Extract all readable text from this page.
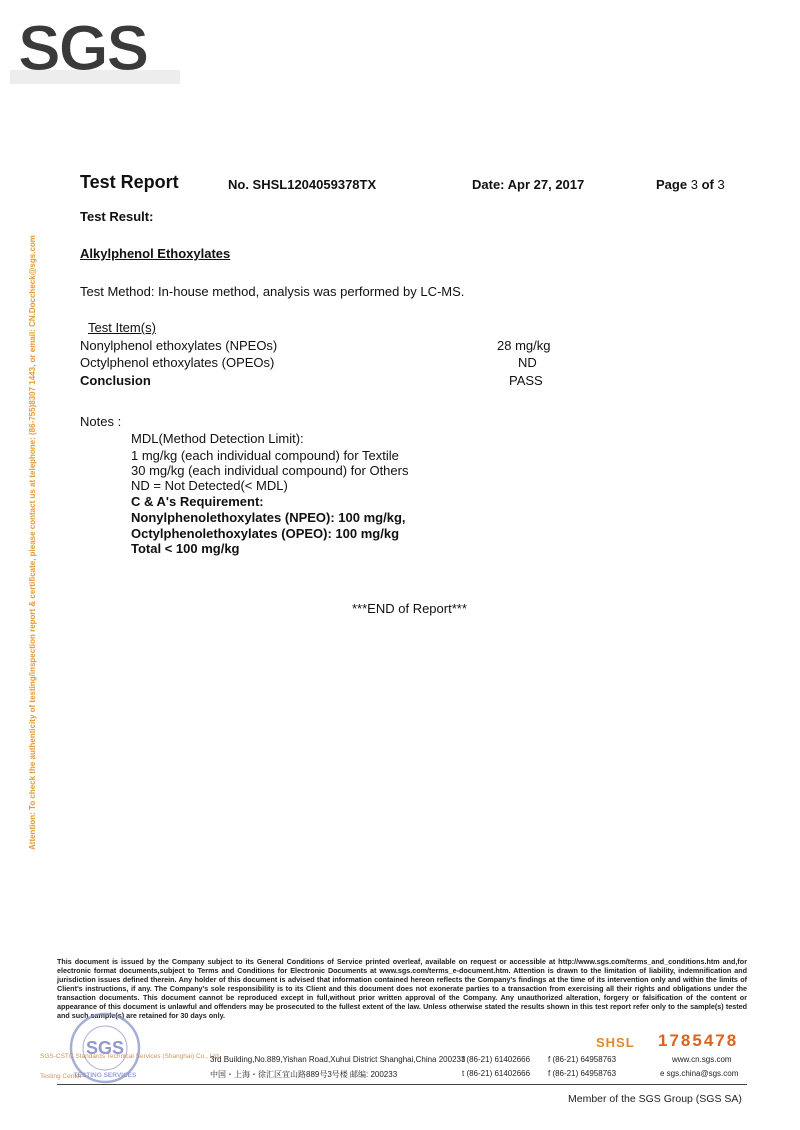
SGS
Attention: To check the authenticity of testing/inspection report & certificate, please contact us at telephone: (86-755)8307 1443, or email: CN.Doccheck@sgs.com
Test Report	No. SHSL1204059378TX	Date: Apr 27, 2017	Page 3 of 3
Test Result:
Alkylphenol Ethoxylates
Test Method: In-house method, analysis was performed by LC-MS.
Test Item(s)
Nonylphenol ethoxylates (NPEOs)	28 mg/kg
Octylphenol ethoxylates (OPEOs)	ND
Conclusion	PASS
Notes :
MDL(Method Detection Limit):
1 mg/kg (each individual compound) for Textile
30 mg/kg (each individual compound) for Others
ND = Not Detected(< MDL)
C & A's Requirement:
Nonylphenolethoxylates (NPEO): 100 mg/kg,
Octylphenolethoxylates (OPEO): 100 mg/kg
Total < 100 mg/kg
***END of Report***
This document is issued by the Company subject to its General Conditions of Service printed overleaf, available on request or accessible at http://www.sgs.com/terms_and_conditions.htm and,for electronic format documents,subject to Terms and Conditions for Electronic Documents at www.sgs.com/terms_e-document.htm. Attention is drawn to the limitation of liability, indemnification and jurisdiction issues defined therein. Any holder of this document is advised that information contained hereon reflects the Company's findings at the time of its intervention only and within the limits of Client's instructions, if any. The Company's sole responsibility is to its Client and this document does not exonerate parties to a transaction from exercising all their rights and obligations under the transaction documents. This document cannot be reproduced except in full,without prior written approval of the Company. Any unauthorized alteration, forgery or falsification of the content or appearance of this document is unlawful and offenders may be prosecuted to the fullest extent of the law. Unless otherwise stated the results shown in this test report refer only to the sample(s) tested and such sample(s) are retained for 30 days only.
SGS
TESTING SERVICES
SGS-CSTC Standards Technical Services (Shanghai) Co., Ltd.
Testing Center
SHSL 1785478
3rd Building,No.889,Yishan Road,Xuhui District Shanghai,China 200233
中国・上海・徐汇区宜山路889号3号楼 邮编: 200233
t (86-21) 61402666 f (86-21) 64958763	www.cn.sgs.com
t (86-21) 61402666 f (86-21) 64958763	e sgs.china@sgs.com
Member of the SGS Group (SGS SA)
